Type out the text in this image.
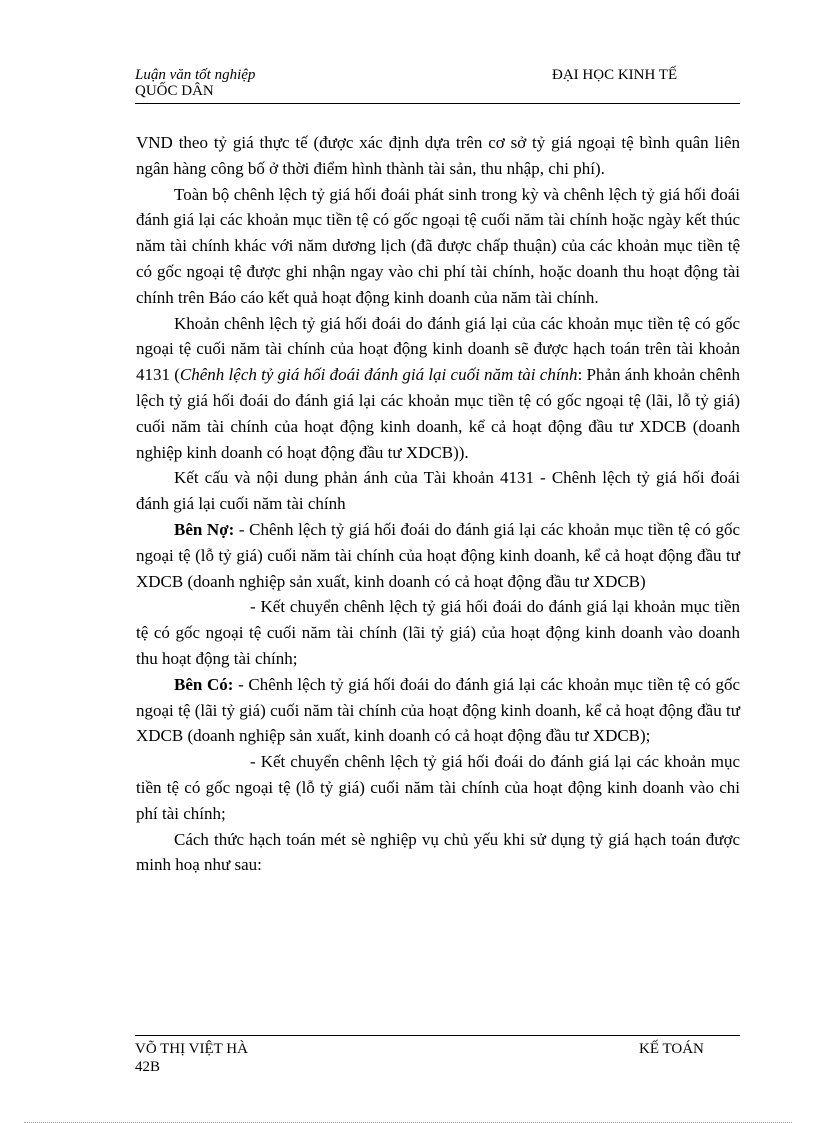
Luận văn tốt nghiệp
QUỐC DÂN
ĐẠI HỌC KINH TẾ

VND theo tỷ giá thực tế (được xác định dựa trên cơ sở tỷ giá ngoại tệ bình quân liên ngân hàng công bố ở thời điểm hình thành tài sản, thu nhập, chi phí).

Toàn bộ chênh lệch tỷ giá hối đoái phát sinh trong kỳ và chênh lệch tỷ giá hối đoái đánh giá lại các khoản mục tiền tệ có gốc ngoại tệ cuối năm tài chính hoặc ngày kết thúc năm tài chính khác với năm dương lịch (đã được chấp thuận) của các khoản mục tiền tệ có gốc ngoại tệ được ghi nhận ngay vào chi phí tài chính, hoặc doanh thu hoạt động tài chính trên Báo cáo kết quả hoạt động kinh doanh của năm tài chính.

Khoản chênh lệch tỷ giá hối đoái do đánh giá lại của các khoản mục tiền tệ có gốc ngoại tệ cuối năm tài chính của hoạt động kinh doanh sẽ được hạch toán trên tài khoản 4131 (Chênh lệch tỷ giá hối đoái đánh giá lại cuối năm tài chính: Phản ánh khoản chênh lệch tỷ giá hối đoái do đánh giá lại các khoản mục tiền tệ có gốc ngoại tệ (lãi, lỗ tỷ giá) cuối năm tài chính của hoạt động kinh doanh, kể cả hoạt động đầu tư XDCB (doanh nghiệp kinh doanh có hoạt động đầu tư XDCB)).

Kết cấu và nội dung phản ánh của Tài khoản 4131 - Chênh lệch tỷ giá hối đoái đánh giá lại cuối năm tài chính

Bên Nợ: - Chênh lệch tỷ giá hối đoái do đánh giá lại các khoản mục tiền tệ có gốc ngoại tệ (lỗ tỷ giá) cuối năm tài chính của hoạt động kinh doanh, kể cả hoạt động đầu tư XDCB (doanh nghiệp sản xuất, kinh doanh có cả hoạt động đầu tư XDCB)

- Kết chuyển chênh lệch tỷ giá hối đoái do đánh giá lại khoản mục tiền tệ có gốc ngoại tệ cuối năm tài chính (lãi tỷ giá) của hoạt động kinh doanh vào doanh thu hoạt động tài chính;

Bên Có: - Chênh lệch tỷ giá hối đoái do đánh giá lại các khoản mục tiền tệ có gốc ngoại tệ (lãi tỷ giá) cuối năm tài chính của hoạt động kinh doanh, kể cả hoạt động đầu tư XDCB (doanh nghiệp sản xuất, kinh doanh có cả hoạt động đầu tư XDCB);

- Kết chuyển chênh lệch tỷ giá hối đoái do đánh giá lại các khoản mục tiền tệ có gốc ngoại tệ (lỗ tỷ giá) cuối năm tài chính của hoạt động kinh doanh vào chi phí tài chính;

Cách thức hạch toán mét sè nghiệp vụ chủ yếu khi sử dụng tỷ giá hạch toán được minh hoạ như sau:

VÕ THỊ VIỆT HÀ
42B
KẾ TOÁN
